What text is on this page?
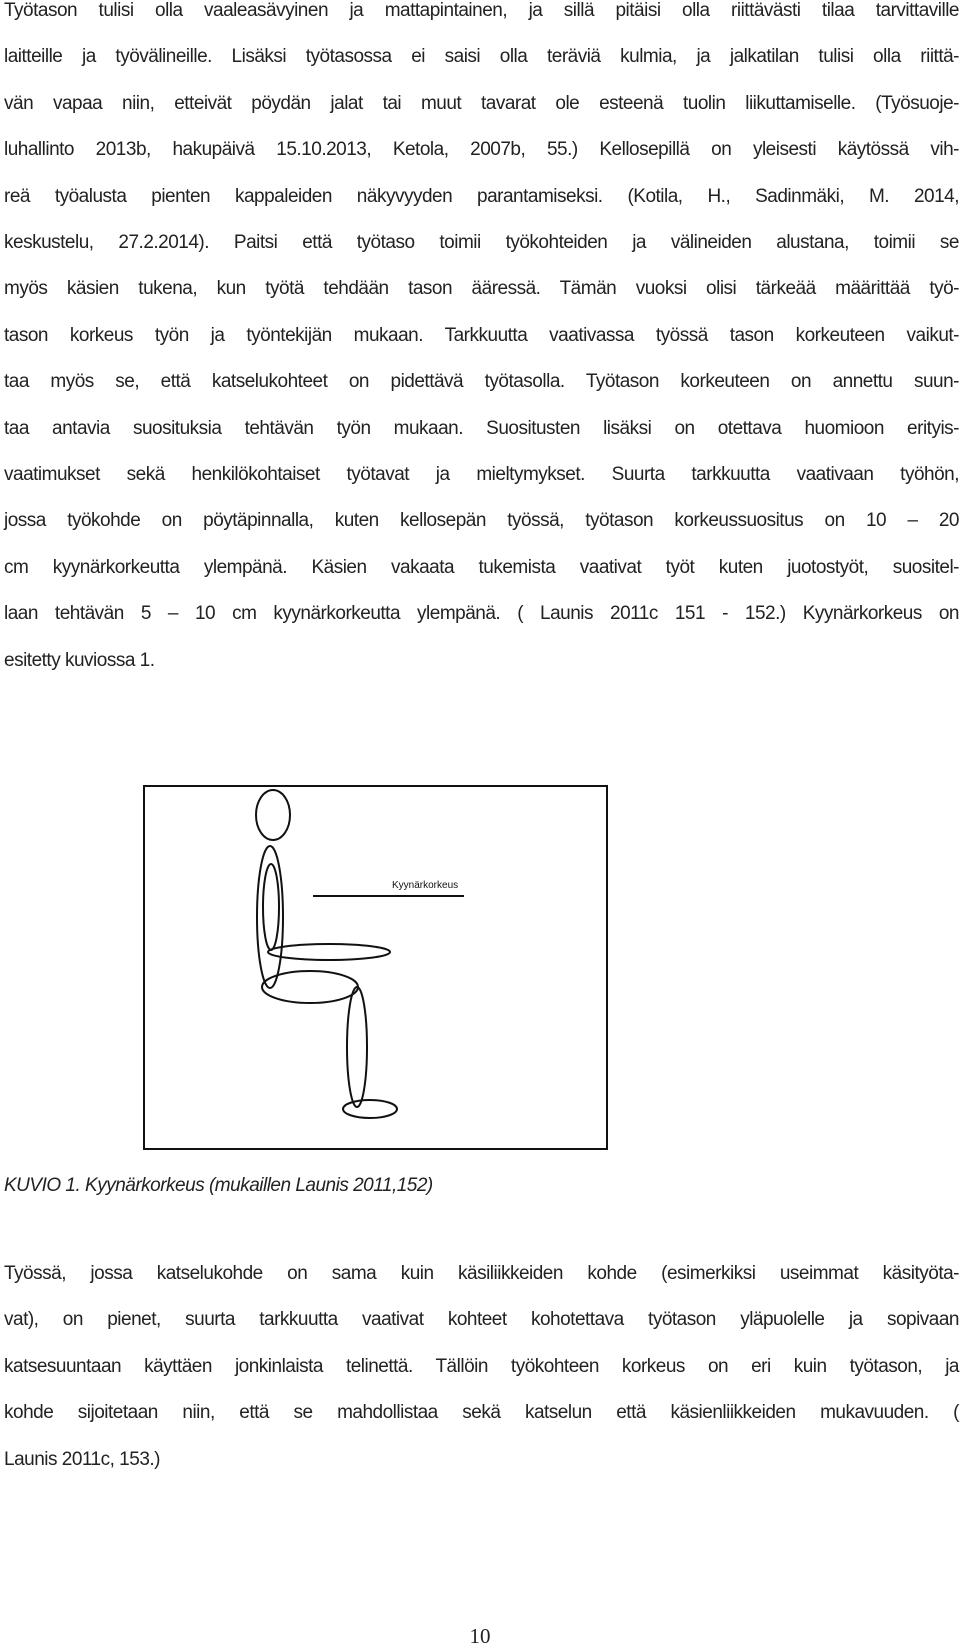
Työtason tulisi olla vaaleasävyinen ja mattapintainen, ja sillä pitäisi olla riittävästi tilaa tarvittaville
laitteille ja työvälineille. Lisäksi työtasossa ei saisi olla teräviä kulmia, ja jalkatilan tulisi olla riittä-
vän vapaa niin, etteivät pöydän jalat tai muut tavarat ole esteenä tuolin liikuttamiselle. (Työsuoje-
luhallinto 2013b, hakupäivä 15.10.2013, Ketola, 2007b, 55.) Kellosepillä on yleisesti käytössä vih-
reä työalusta pienten kappaleiden näkyvyyden parantamiseksi. (Kotila, H., Sadinmäki, M. 2014,
keskustelu, 27.2.2014). Paitsi että työtaso toimii työkohteiden ja välineiden alustana, toimii se
myös käsien tukena, kun työtä tehdään tason ääressä. Tämän vuoksi olisi tärkeää määrittää työ-
tason korkeus työn ja työntekijän mukaan. Tarkkuutta vaativassa työssä tason korkeuteen vaikut-
taa myös se, että katselukohteet on pidettävä työtasolla. Työtason korkeuteen on annettu suun-
taa antavia suosituksia tehtävän työn mukaan. Suositusten lisäksi on otettava huomioon erityis-
vaatimukset sekä henkilökohtaiset työtavat ja mieltymykset. Suurta tarkkuutta vaativaan työhön,
jossa työkohde on pöytäpinnalla, kuten kellosepän työssä, työtason korkeussuositus on 10 – 20
cm kyynärkorkeutta ylempänä. Käsien vakaata tukemista vaativat työt kuten juotostyöt, suositel-
laan tehtävän 5 – 10 cm kyynärkorkeutta ylempänä. ( Launis 2011c 151 - 152.) Kyynärkorkeus on
esitetty kuviossa 1.
Kyynärkorkeus

KUVIO 1. Kyynärkorkeus (mukaillen Launis 2011,152)

Työssä, jossa katselukohde on sama kuin käsiliikkeiden kohde (esimerkiksi useimmat käsityöta-
vat), on pienet, suurta tarkkuutta vaativat kohteet kohotettava työtason yläpuolelle ja sopivaan
katsesuuntaan käyttäen jonkinlaista telinettä. Tällöin työkohteen korkeus on eri kuin työtason, ja
kohde sijoitetaan niin, että se mahdollistaa sekä katselun että käsienliikkeiden mukavuuden. (
Launis 2011c, 153.)
10
